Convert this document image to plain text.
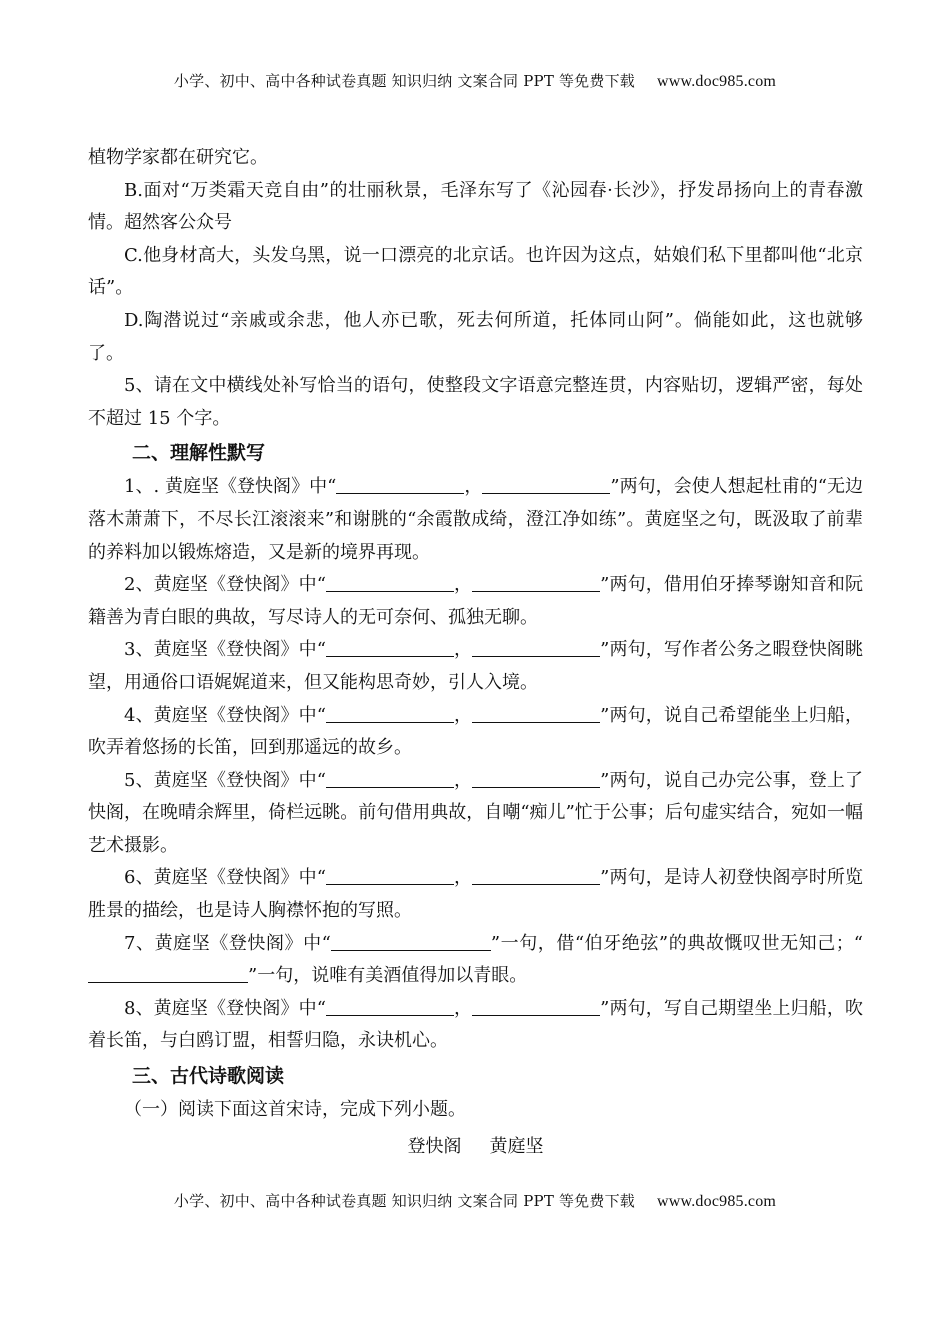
小学、初中、高中各种试卷真题 知识归纳 文案合同 PPT 等免费下载 www.doc985.com

植物学家都在研究它。

B.面对“万类霜天竞自由”的壮丽秋景，毛泽东写了《沁园春·长沙》，抒发昂扬向上的青春激情。超然客公众号

C.他身材高大，头发乌黑，说一口漂亮的北京话。也许因为这点，姑娘们私下里都叫他“北京话”。

D.陶潜说过“亲戚或余悲，他人亦已歌，死去何所道，托体同山阿”。倘能如此，这也就够了。

5、请在文中横线处补写恰当的语句，使整段文字语意完整连贯，内容贴切，逻辑严密，每处不超过 15 个字。

二、理解性默写

1、. 黄庭坚《登快阁》中“	，	”两句，会使人想起杜甫的“无边落木萧萧下，不尽长江滚滚来”和谢朓的“余霞散成绮，澄江净如练”。黄庭坚之句，既汲取了前辈的养料加以锻炼熔造，又是新的境界再现。

2、黄庭坚《登快阁》中“	，	”两句，借用伯牙捧琴谢知音和阮籍善为青白眼的典故，写尽诗人的无可奈何、孤独无聊。

3、黄庭坚《登快阁》中“	，	”两句，写作者公务之暇登快阁眺望，用通俗口语娓娓道来，但又能构思奇妙，引人入境。

4、黄庭坚《登快阁》中“	，	”两句，说自己希望能坐上归船，吹弄着悠扬的长笛，回到那遥远的故乡。

5、黄庭坚《登快阁》中“	，	”两句，说自己办完公事，登上了快阁，在晚晴余辉里，倚栏远眺。前句借用典故，自嘲“痴儿”忙于公事；后句虚实结合，宛如一幅艺术摄影。

6、黄庭坚《登快阁》中“	，	”两句，是诗人初登快阁亭时所览胜景的描绘，也是诗人胸襟怀抱的写照。

7、黄庭坚《登快阁》中“	”一句，借“伯牙绝弦”的典故慨叹世无知己；“”一句，说唯有美酒值得加以青眼。

8、黄庭坚《登快阁》中“	，	”两句，写自己期望坐上归船，吹着长笛，与白鸥订盟，相誓归隐，永诀机心。

三、古代诗歌阅读

（一）阅读下面这首宋诗，完成下列小题。

登快阁 黄庭坚

小学、初中、高中各种试卷真题 知识归纳 文案合同 PPT 等免费下载 www.doc985.com
